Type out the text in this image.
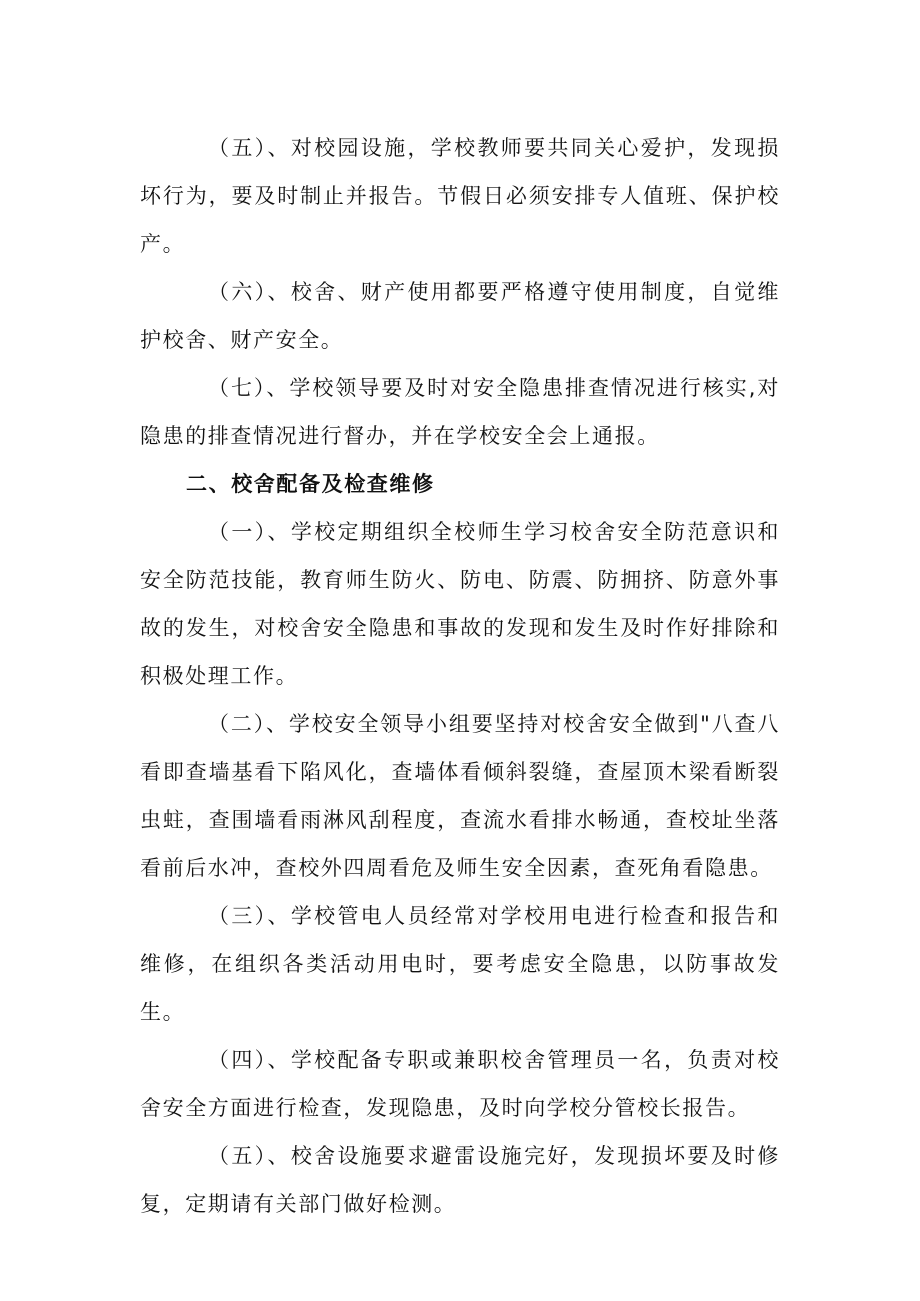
（五）、对校园设施，学校教师要共同关心爱护，发现损坏行为，要及时制止并报告。节假日必须安排专人值班、保护校产。

（六）、校舍、财产使用都要严格遵守使用制度，自觉维护校舍、财产安全。

（七）、学校领导要及时对安全隐患排查情况进行核实,对隐患的排查情况进行督办，并在学校安全会上通报。

二、校舍配备及检查维修

（一）、学校定期组织全校师生学习校舍安全防范意识和安全防范技能，教育师生防火、防电、防震、防拥挤、防意外事故的发生，对校舍安全隐患和事故的发现和发生及时作好排除和积极处理工作。

（二）、学校安全领导小组要坚持对校舍安全做到"八查八看即查墙基看下陷风化，查墙体看倾斜裂缝，查屋顶木梁看断裂虫蛀，查围墙看雨淋风刮程度，查流水看排水畅通，查校址坐落看前后水冲，查校外四周看危及师生安全因素，查死角看隐患。

（三）、学校管电人员经常对学校用电进行检查和报告和维修，在组织各类活动用电时，要考虑安全隐患，以防事故发生。

（四）、学校配备专职或兼职校舍管理员一名，负责对校舍安全方面进行检查，发现隐患，及时向学校分管校长报告。

（五）、校舍设施要求避雷设施完好，发现损坏要及时修复，定期请有关部门做好检测。
